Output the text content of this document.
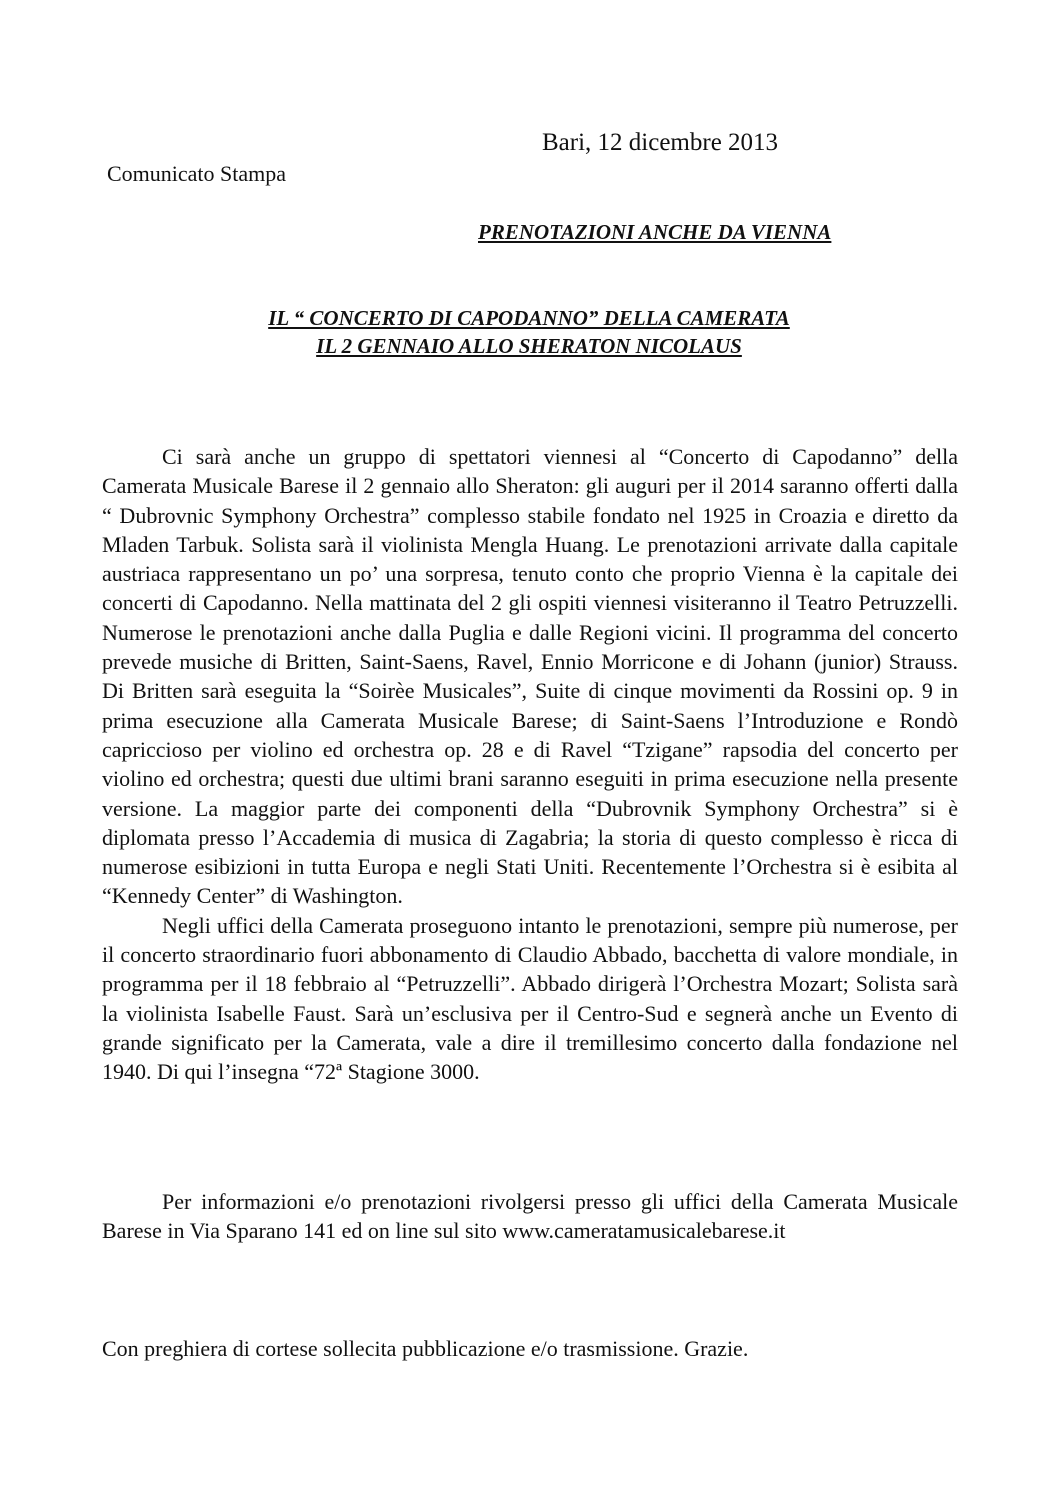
Bari, 12 dicembre 2013
Comunicato Stampa
PRENOTAZIONI ANCHE DA VIENNA
IL “ CONCERTO DI CAPODANNO” DELLA CAMERATA
IL 2 GENNAIO ALLO SHERATON NICOLAUS

Ci sarà anche un gruppo di spettatori viennesi al “Concerto di Capodanno” della Camerata Musicale Barese il 2 gennaio allo Sheraton: gli auguri per il 2014 saranno offerti dalla “ Dubrovnic Symphony Orchestra” complesso stabile fondato nel 1925 in Croazia e diretto da Mladen Tarbuk. Solista sarà il violinista Mengla Huang. Le prenotazioni arrivate dalla capitale austriaca rappresentano un po’ una sorpresa, tenuto conto che proprio Vienna è la capitale dei concerti di Capodanno. Nella mattinata del 2 gli ospiti viennesi visiteranno il Teatro Petruzzelli. Numerose le prenotazioni anche dalla Puglia e dalle Regioni vicini. Il programma del concerto prevede musiche di Britten, Saint-Saens, Ravel, Ennio Morricone e di Johann (junior) Strauss. Di Britten sarà eseguita la “Soirèe Musicales”, Suite di cinque movimenti da Rossini op. 9 in prima esecuzione alla Camerata Musicale Barese; di Saint-Saens l’Introduzione e Rondò capriccioso per violino ed orchestra op. 28 e di Ravel “Tzigane” rapsodia del concerto per violino ed orchestra; questi due ultimi brani saranno eseguiti in prima esecuzione nella presente versione. La maggior parte dei componenti della “Dubrovnik Symphony Orchestra” si è diplomata presso l’Accademia di musica di Zagabria; la storia di questo complesso è ricca di numerose esibizioni in tutta Europa e negli Stati Uniti. Recentemente l’Orchestra si è esibita al “Kennedy Center” di Washington.

Negli uffici della Camerata proseguono intanto le prenotazioni, sempre più numerose, per il concerto straordinario fuori abbonamento di Claudio Abbado, bacchetta di valore mondiale, in programma per il 18 febbraio al “Petruzzelli”. Abbado dirigerà l’Orchestra Mozart; Solista sarà la violinista Isabelle Faust. Sarà un’esclusiva per il Centro-Sud e segnerà anche un Evento di grande significato per la Camerata, vale a dire il tremillesimo concerto dalla fondazione nel 1940. Di qui l’insegna “72ª Stagione 3000.

Per informazioni e/o prenotazioni rivolgersi presso gli uffici della Camerata Musicale Barese in Via Sparano 141 ed on line sul sito www.cameratamusicalebarese.it

Con preghiera di cortese sollecita pubblicazione e/o trasmissione. Grazie.
